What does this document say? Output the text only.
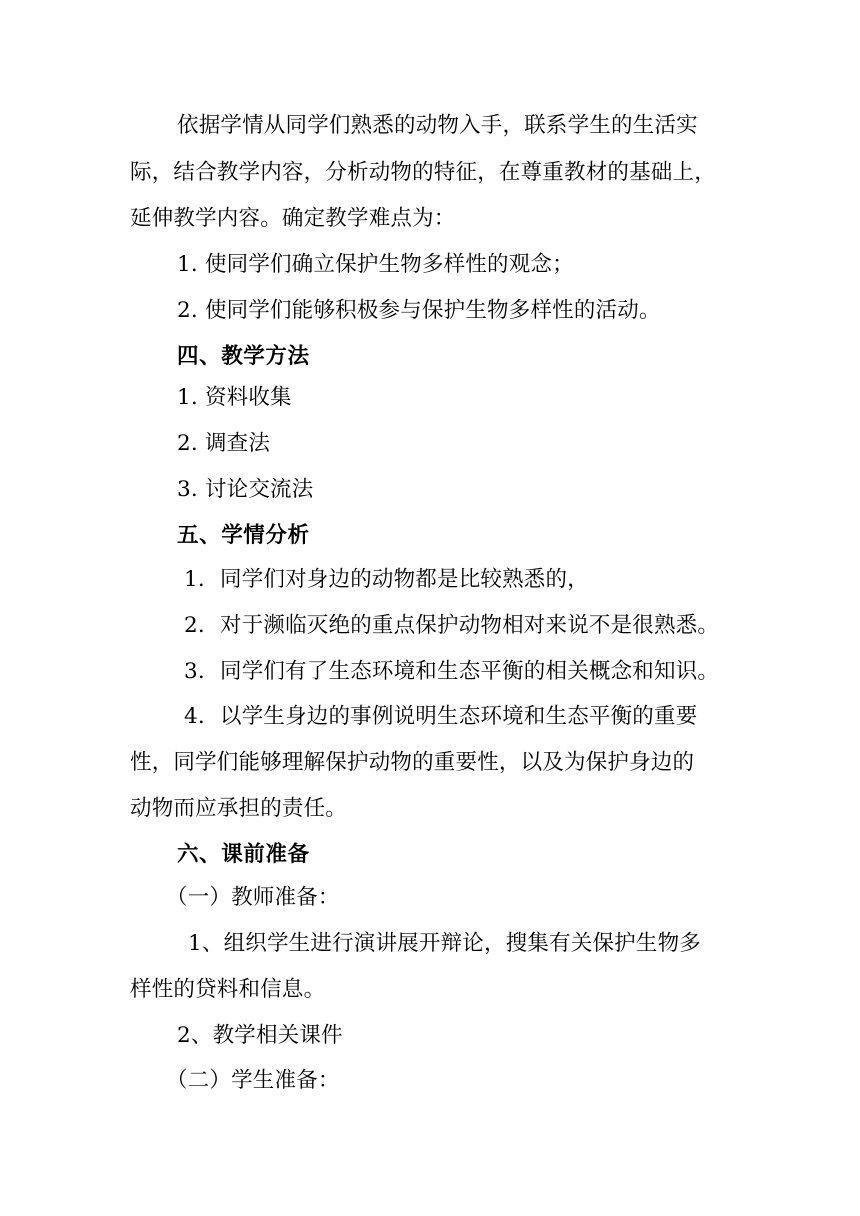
依据学情从同学们熟悉的动物入手，联系学生的生活实
际，结合教学内容，分析动物的特征，在尊重教材的基础上，
延伸教学内容。确定教学难点为：
1. 使同学们确立保护生物多样性的观念；
2. 使同学们能够积极参与保护生物多样性的活动。
四、教学方法
1. 资料收集
2. 调查法
3. 讨论交流法
五、学情分析
1. 同学们对身边的动物都是比较熟悉的，
2. 对于濒临灭绝的重点保护动物相对来说不是很熟悉。
3. 同学们有了生态环境和生态平衡的相关概念和知识。
4. 以学生身边的事例说明生态环境和生态平衡的重要
性，同学们能够理解保护动物的重要性，以及为保护身边的
动物而应承担的责任。
六、课前准备
（一）教师准备：
1、组织学生进行演讲展开辩论，搜集有关保护生物多
样性的贷料和信息。
2、教学相关课件
（二）学生准备：
